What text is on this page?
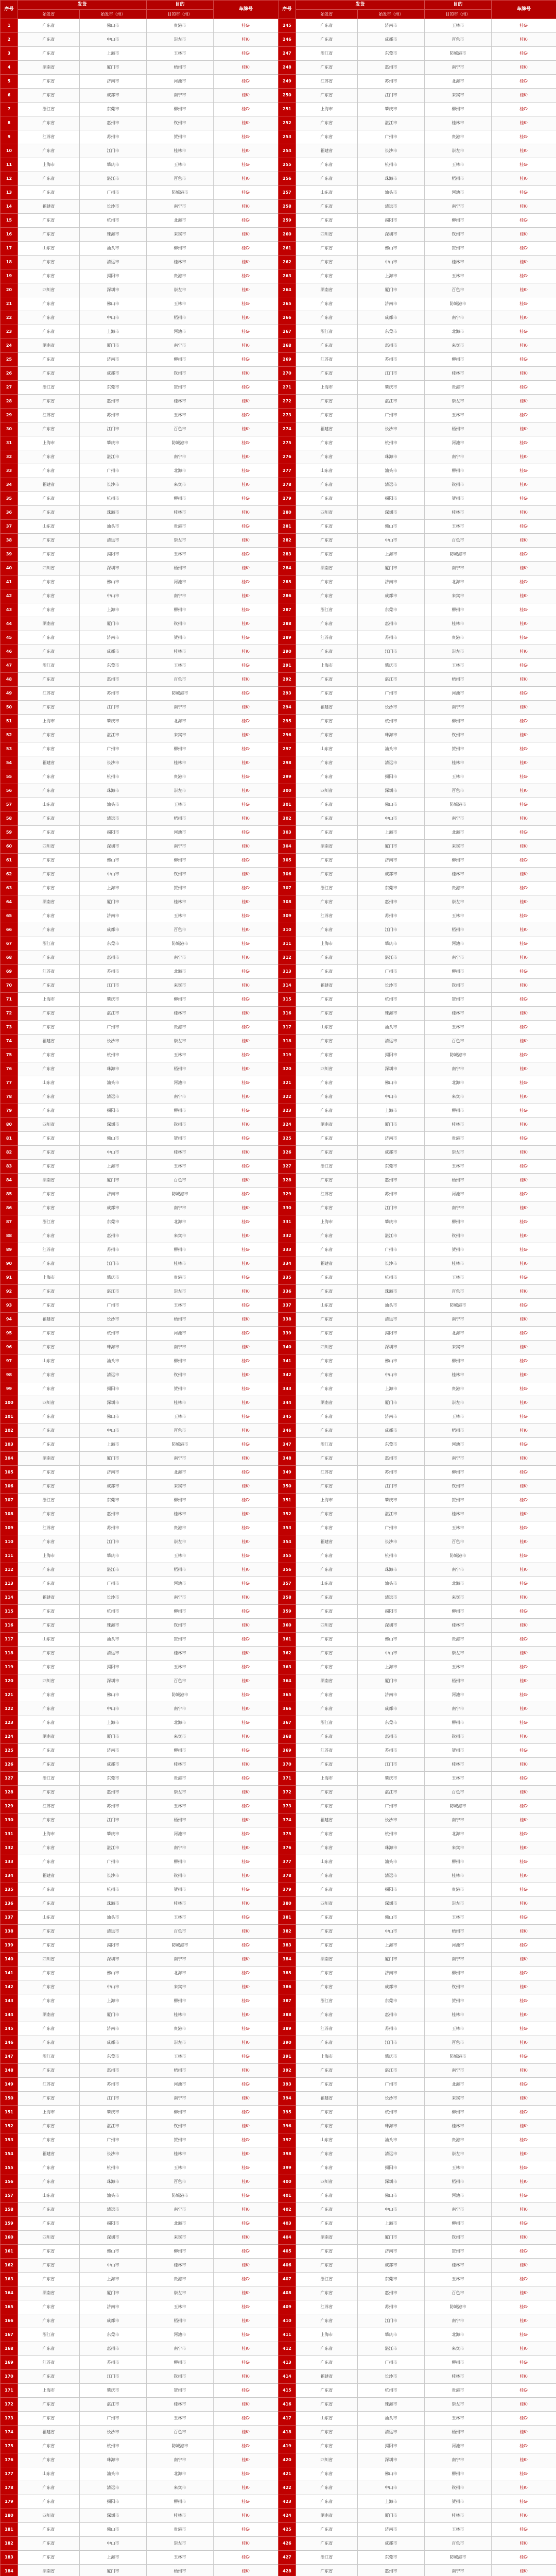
序号	发货		目的	车牌号
	始发省	始发市（州）	目的市（州）	
1	广东省	佛山市	贵港市	桂G·
2	广东省	中山市	崇左市	桂K·
3	广东省	上海市	玉林市	桂G·
4	湖南省	厦门市	梧州市	桂K·
5	广东省	济南市	河池市	桂G·
6	广东省	成都市	南宁市	桂K·
7	浙江省	东莞市	柳州市	桂G·
8	广东省	惠州市	钦州市	桂K·
9	江苏省	苏州市	贺州市	桂G·
10	广东省	江门市	桂林市	桂K·
11	上海市	肇庆市	玉林市	桂G·
12	广东省	湛江市	百色市	桂K·
13	广东省	广州市	防城港市	桂G·
14	福建省	长沙市	南宁市	桂K·
15	广东省	杭州市	北海市	桂G·
16	广东省	珠海市	来宾市	桂K·
17	山东省	汕头市	柳州市	桂G·
18	广东省	清远市	桂林市	桂K·
19	广东省	揭阳市	贵港市	桂G·
20	四川省	深圳市	崇左市	桂K·
21	广东省	佛山市	玉林市	桂G·
22	广东省	中山市	梧州市	桂K·
23	广东省	上海市	河池市	桂G·
24	湖南省	厦门市	南宁市	桂K·
25	广东省	济南市	柳州市	桂G·
26	广东省	成都市	钦州市	桂K·
27	浙江省	东莞市	贺州市	桂G·
28	广东省	惠州市	桂林市	桂K·
29	江苏省	苏州市	玉林市	桂G·
30	广东省	江门市	百色市	桂K·
31	上海市	肇庆市	防城港市	桂G·
32	广东省	湛江市	南宁市	桂K·
33	广东省	广州市	北海市	桂G·
34	福建省	长沙市	来宾市	桂K·
35	广东省	杭州市	柳州市	桂G·
36	广东省	珠海市	桂林市	桂K·
37	山东省	汕头市	贵港市	桂G·
38	广东省	清远市	崇左市	桂K·
39	广东省	揭阳市	玉林市	桂G·
40	四川省	深圳市	梧州市	桂K·
41	广东省	佛山市	河池市	桂G·
42	广东省	中山市	南宁市	桂K·
43	广东省	上海市	柳州市	桂G·
44	湖南省	厦门市	钦州市	桂K·
45	广东省	济南市	贺州市	桂G·
46	广东省	成都市	桂林市	桂K·
47	浙江省	东莞市	玉林市	桂G·
48	广东省	惠州市	百色市	桂K·
49	江苏省	苏州市	防城港市	桂G·
50	广东省	江门市	南宁市	桂K·
51	上海市	肇庆市	北海市	桂G·
52	广东省	湛江市	来宾市	桂K·
53	广东省	广州市	柳州市	桂G·
54	福建省	长沙市	桂林市	桂K·
55	广东省	杭州市	贵港市	桂G·
56	广东省	珠海市	崇左市	桂K·
57	山东省	汕头市	玉林市	桂G·
58	广东省	清远市	梧州市	桂K·
59	广东省	揭阳市	河池市	桂G·
60	四川省	深圳市	南宁市	桂K·
61	广东省	佛山市	柳州市	桂G·
62	广东省	中山市	钦州市	桂K·
63	广东省	上海市	贺州市	桂G·
64	湖南省	厦门市	桂林市	桂K·
65	广东省	济南市	玉林市	桂G·
66	广东省	成都市	百色市	桂K·
67	浙江省	东莞市	防城港市	桂G·
68	广东省	惠州市	南宁市	桂K·
69	江苏省	苏州市	北海市	桂G·
70	广东省	江门市	来宾市	桂K·
71	上海市	肇庆市	柳州市	桂G·
72	广东省	湛江市	桂林市	桂K·
73	广东省	广州市	贵港市	桂G·
74	福建省	长沙市	崇左市	桂K·
75	广东省	杭州市	玉林市	桂G·
76	广东省	珠海市	梧州市	桂K·
77	山东省	汕头市	河池市	桂G·
78	广东省	清远市	南宁市	桂K·
79	广东省	揭阳市	柳州市	桂G·
80	四川省	深圳市	钦州市	桂K·
81	广东省	佛山市	贺州市	桂G·
82	广东省	中山市	桂林市	桂K·
83	广东省	上海市	玉林市	桂G·
84	湖南省	厦门市	百色市	桂K·
85	广东省	济南市	防城港市	桂G·
86	广东省	成都市	南宁市	桂K·
87	浙江省	东莞市	北海市	桂G·
88	广东省	惠州市	来宾市	桂K·
89	江苏省	苏州市	柳州市	桂G·
90	广东省	江门市	桂林市	桂K·
91	上海市	肇庆市	贵港市	桂G·
92	广东省	湛江市	崇左市	桂K·
93	广东省	广州市	玉林市	桂G·
94	福建省	长沙市	梧州市	桂K·
95	广东省	杭州市	河池市	桂G·
96	广东省	珠海市	南宁市	桂K·
97	山东省	汕头市	柳州市	桂G·
98	广东省	清远市	钦州市	桂K·
99	广东省	揭阳市	贺州市	桂G·
100	四川省	深圳市	桂林市	桂K·
101	广东省	佛山市	玉林市	桂G·
102	广东省	中山市	百色市	桂K·
103	广东省	上海市	防城港市	桂G·
104	湖南省	厦门市	南宁市	桂K·
105	广东省	济南市	北海市	桂G·
106	广东省	成都市	来宾市	桂K·
107	浙江省	东莞市	柳州市	桂G·
108	广东省	惠州市	桂林市	桂K·
109	江苏省	苏州市	贵港市	桂G·
110	广东省	江门市	崇左市	桂K·
111	上海市	肇庆市	玉林市	桂G·
112	广东省	湛江市	梧州市	桂K·
113	广东省	广州市	河池市	桂G·
114	福建省	长沙市	南宁市	桂K·
115	广东省	杭州市	柳州市	桂G·
116	广东省	珠海市	钦州市	桂K·
117	山东省	汕头市	贺州市	桂G·
118	广东省	清远市	桂林市	桂K·
119	广东省	揭阳市	玉林市	桂G·
120	四川省	深圳市	百色市	桂K·
121	广东省	佛山市	防城港市	桂G·
122	广东省	中山市	南宁市	桂K·
123	广东省	上海市	北海市	桂G·
124	湖南省	厦门市	来宾市	桂K·
125	广东省	济南市	柳州市	桂G·
126	广东省	成都市	桂林市	桂K·
127	浙江省	东莞市	贵港市	桂G·
128	广东省	惠州市	崇左市	桂K·
129	江苏省	苏州市	玉林市	桂G·
130	广东省	江门市	梧州市	桂K·
131	上海市	肇庆市	河池市	桂G·
132	广东省	湛江市	南宁市	桂K·
133	广东省	广州市	柳州市	桂G·
134	福建省	长沙市	钦州市	桂K·
135	广东省	杭州市	贺州市	桂G·
136	广东省	珠海市	桂林市	桂K·
137	山东省	汕头市	玉林市	桂G·
138	广东省	清远市	百色市	桂K·
139	广东省	揭阳市	防城港市	桂G·
140	四川省	深圳市	南宁市	桂K·
141	广东省	佛山市	北海市	桂G·
142	广东省	中山市	来宾市	桂K·
143	广东省	上海市	柳州市	桂G·
144	湖南省	厦门市	桂林市	桂K·
145	广东省	济南市	贵港市	桂G·
146	广东省	成都市	崇左市	桂K·
147	浙江省	东莞市	玉林市	桂G·
148	广东省	惠州市	梧州市	桂K·
149	江苏省	苏州市	河池市	桂G·
150	广东省	江门市	南宁市	桂K·
151	上海市	肇庆市	柳州市	桂G·
152	广东省	湛江市	钦州市	桂K·
153	广东省	广州市	贺州市	桂G·
154	福建省	长沙市	桂林市	桂K·
155	广东省	杭州市	玉林市	桂G·
156	广东省	珠海市	百色市	桂K·
157	山东省	汕头市	防城港市	桂G·
158	广东省	清远市	南宁市	桂K·
159	广东省	揭阳市	北海市	桂G·
160	四川省	深圳市	来宾市	桂K·
161	广东省	佛山市	柳州市	桂G·
162	广东省	中山市	桂林市	桂K·
163	广东省	上海市	贵港市	桂G·
164	湖南省	厦门市	崇左市	桂K·
165	广东省	济南市	玉林市	桂G·
166	广东省	成都市	梧州市	桂K·
167	浙江省	东莞市	河池市	桂G·
168	广东省	惠州市	南宁市	桂K·
169	江苏省	苏州市	柳州市	桂G·
170	广东省	江门市	钦州市	桂K·
171	上海市	肇庆市	贺州市	桂G·
172	广东省	湛江市	桂林市	桂K·
173	广东省	广州市	玉林市	桂G·
174	福建省	长沙市	百色市	桂K·
175	广东省	杭州市	防城港市	桂G·
176	广东省	珠海市	南宁市	桂K·
177	山东省	汕头市	北海市	桂G·
178	广东省	清远市	来宾市	桂K·
179	广东省	揭阳市	柳州市	桂G·
180	四川省	深圳市	桂林市	桂K·
181	广东省	佛山市	贵港市	桂G·
182	广东省	中山市	崇左市	桂K·
183	广东省	上海市	玉林市	桂G·
184	湖南省	厦门市	梧州市	桂K·

序号	发货		目的	车牌号
	始发省	始发市（州）	目的市（州）	
245	广东省	济南市	玉林市	桂G·
246	广东省	成都市	百色市	桂K·
247	浙江省	东莞市	防城港市	桂G·
248	广东省	惠州市	南宁市	桂K·
249	江苏省	苏州市	北海市	桂G·
250	广东省	江门市	来宾市	桂K·
251	上海市	肇庆市	柳州市	桂G·
252	广东省	湛江市	桂林市	桂K·
253	广东省	广州市	贵港市	桂G·
254	福建省	长沙市	崇左市	桂K·
255	广东省	杭州市	玉林市	桂G·
256	广东省	珠海市	梧州市	桂K·
257	山东省	汕头市	河池市	桂G·
258	广东省	清远市	南宁市	桂K·
259	广东省	揭阳市	柳州市	桂G·
260	四川省	深圳市	钦州市	桂K·
261	广东省	佛山市	贺州市	桂G·
262	广东省	中山市	桂林市	桂K·
263	广东省	上海市	玉林市	桂G·
264	湖南省	厦门市	百色市	桂K·
265	广东省	济南市	防城港市	桂G·
266	广东省	成都市	南宁市	桂K·
267	浙江省	东莞市	北海市	桂G·
268	广东省	惠州市	来宾市	桂K·
269	江苏省	苏州市	柳州市	桂G·
270	广东省	江门市	桂林市	桂K·
271	上海市	肇庆市	贵港市	桂G·
272	广东省	湛江市	崇左市	桂K·
273	广东省	广州市	玉林市	桂G·
274	福建省	长沙市	梧州市	桂K·
275	广东省	杭州市	河池市	桂G·
276	广东省	珠海市	南宁市	桂K·
277	山东省	汕头市	柳州市	桂G·
278	广东省	清远市	钦州市	桂K·
279	广东省	揭阳市	贺州市	桂G·
280	四川省	深圳市	桂林市	桂K·
281	广东省	佛山市	玉林市	桂G·
282	广东省	中山市	百色市	桂K·
283	广东省	上海市	防城港市	桂G·
284	湖南省	厦门市	南宁市	桂K·
285	广东省	济南市	北海市	桂G·
286	广东省	成都市	来宾市	桂K·
287	浙江省	东莞市	柳州市	桂G·
288	广东省	惠州市	桂林市	桂K·
289	江苏省	苏州市	贵港市	桂G·
290	广东省	江门市	崇左市	桂K·
291	上海市	肇庆市	玉林市	桂G·
292	广东省	湛江市	梧州市	桂K·
293	广东省	广州市	河池市	桂G·
294	福建省	长沙市	南宁市	桂K·
295	广东省	杭州市	柳州市	桂G·
296	广东省	珠海市	钦州市	桂K·
297	山东省	汕头市	贺州市	桂G·
298	广东省	清远市	桂林市	桂K·
299	广东省	揭阳市	玉林市	桂G·
300	四川省	深圳市	百色市	桂K·
301	广东省	佛山市	防城港市	桂G·
302	广东省	中山市	南宁市	桂K·
303	广东省	上海市	北海市	桂G·
304	湖南省	厦门市	来宾市	桂K·
305	广东省	济南市	柳州市	桂G·
306	广东省	成都市	桂林市	桂K·
307	浙江省	东莞市	贵港市	桂G·
308	广东省	惠州市	崇左市	桂K·
309	江苏省	苏州市	玉林市	桂G·
310	广东省	江门市	梧州市	桂K·
311	上海市	肇庆市	河池市	桂G·
312	广东省	湛江市	南宁市	桂K·
313	广东省	广州市	柳州市	桂G·
314	福建省	长沙市	钦州市	桂K·
315	广东省	杭州市	贺州市	桂G·
316	广东省	珠海市	桂林市	桂K·
317	山东省	汕头市	玉林市	桂G·
318	广东省	清远市	百色市	桂K·
319	广东省	揭阳市	防城港市	桂G·
320	四川省	深圳市	南宁市	桂K·
321	广东省	佛山市	北海市	桂G·
322	广东省	中山市	来宾市	桂K·
323	广东省	上海市	柳州市	桂G·
324	湖南省	厦门市	桂林市	桂K·
325	广东省	济南市	贵港市	桂G·
326	广东省	成都市	崇左市	桂K·
327	浙江省	东莞市	玉林市	桂G·
328	广东省	惠州市	梧州市	桂K·
329	江苏省	苏州市	河池市	桂G·
330	广东省	江门市	南宁市	桂K·
331	上海市	肇庆市	柳州市	桂G·
332	广东省	湛江市	钦州市	桂K·
333	广东省	广州市	贺州市	桂G·
334	福建省	长沙市	桂林市	桂K·
335	广东省	杭州市	玉林市	桂G·
336	广东省	珠海市	百色市	桂K·
337	山东省	汕头市	防城港市	桂G·
338	广东省	清远市	南宁市	桂K·
339	广东省	揭阳市	北海市	桂G·
340	四川省	深圳市	来宾市	桂K·
341	广东省	佛山市	柳州市	桂G·
342	广东省	中山市	桂林市	桂K·
343	广东省	上海市	贵港市	桂G·
344	湖南省	厦门市	崇左市	桂K·
345	广东省	济南市	玉林市	桂G·
346	广东省	成都市	梧州市	桂K·
347	浙江省	东莞市	河池市	桂G·
348	广东省	惠州市	南宁市	桂K·
349	江苏省	苏州市	柳州市	桂G·
350	广东省	江门市	钦州市	桂K·
351	上海市	肇庆市	贺州市	桂G·
352	广东省	湛江市	桂林市	桂K·
353	广东省	广州市	玉林市	桂G·
354	福建省	长沙市	百色市	桂K·
355	广东省	杭州市	防城港市	桂G·
356	广东省	珠海市	南宁市	桂K·
357	山东省	汕头市	北海市	桂G·
358	广东省	清远市	来宾市	桂K·
359	广东省	揭阳市	柳州市	桂G·
360	四川省	深圳市	桂林市	桂K·
361	广东省	佛山市	贵港市	桂G·
362	广东省	中山市	崇左市	桂K·
363	广东省	上海市	玉林市	桂G·
364	湖南省	厦门市	梧州市	桂K·
365	广东省	济南市	河池市	桂G·
366	广东省	成都市	南宁市	桂K·
367	浙江省	东莞市	柳州市	桂G·
368	广东省	惠州市	钦州市	桂K·
369	江苏省	苏州市	贺州市	桂G·
370	广东省	江门市	桂林市	桂K·
371	上海市	肇庆市	玉林市	桂G·
372	广东省	湛江市	百色市	桂K·
373	广东省	广州市	防城港市	桂G·
374	福建省	长沙市	南宁市	桂K·
375	广东省	杭州市	北海市	桂G·
376	广东省	珠海市	来宾市	桂K·
377	山东省	汕头市	柳州市	桂G·
378	广东省	清远市	桂林市	桂K·
379	广东省	揭阳市	贵港市	桂G·
380	四川省	深圳市	崇左市	桂K·
381	广东省	佛山市	玉林市	桂G·
382	广东省	中山市	梧州市	桂K·
383	广东省	上海市	河池市	桂G·
384	湖南省	厦门市	南宁市	桂K·
385	广东省	济南市	柳州市	桂G·
386	广东省	成都市	钦州市	桂K·
387	浙江省	东莞市	贺州市	桂G·
388	广东省	惠州市	桂林市	桂K·
389	江苏省	苏州市	玉林市	桂G·
390	广东省	江门市	百色市	桂K·
391	上海市	肇庆市	防城港市	桂G·
392	广东省	湛江市	南宁市	桂K·
393	广东省	广州市	北海市	桂G·
394	福建省	长沙市	来宾市	桂K·
395	广东省	杭州市	柳州市	桂G·
396	广东省	珠海市	桂林市	桂K·
397	山东省	汕头市	贵港市	桂G·
398	广东省	清远市	崇左市	桂K·
399	广东省	揭阳市	玉林市	桂G·
400	四川省	深圳市	梧州市	桂K·
401	广东省	佛山市	河池市	桂G·
402	广东省	中山市	南宁市	桂K·
403	广东省	上海市	柳州市	桂G·
404	湖南省	厦门市	钦州市	桂K·
405	广东省	济南市	贺州市	桂G·
406	广东省	成都市	桂林市	桂K·
407	浙江省	东莞市	玉林市	桂G·
408	广东省	惠州市	百色市	桂K·
409	江苏省	苏州市	防城港市	桂G·
410	广东省	江门市	南宁市	桂K·
411	上海市	肇庆市	北海市	桂G·
412	广东省	湛江市	来宾市	桂K·
413	广东省	广州市	柳州市	桂G·
414	福建省	长沙市	桂林市	桂K·
415	广东省	杭州市	贵港市	桂G·
416	广东省	珠海市	崇左市	桂K·
417	山东省	汕头市	玉林市	桂G·
418	广东省	清远市	梧州市	桂K·
419	广东省	揭阳市	河池市	桂G·
420	四川省	深圳市	南宁市	桂K·
421	广东省	佛山市	柳州市	桂G·
422	广东省	中山市	钦州市	桂K·
423	广东省	上海市	贺州市	桂G·
424	湖南省	厦门市	桂林市	桂K·
425	广东省	济南市	玉林市	桂G·
426	广东省	成都市	百色市	桂K·
427	浙江省	东莞市	防城港市	桂G·
428	广东省	惠州市	南宁市	桂K·
